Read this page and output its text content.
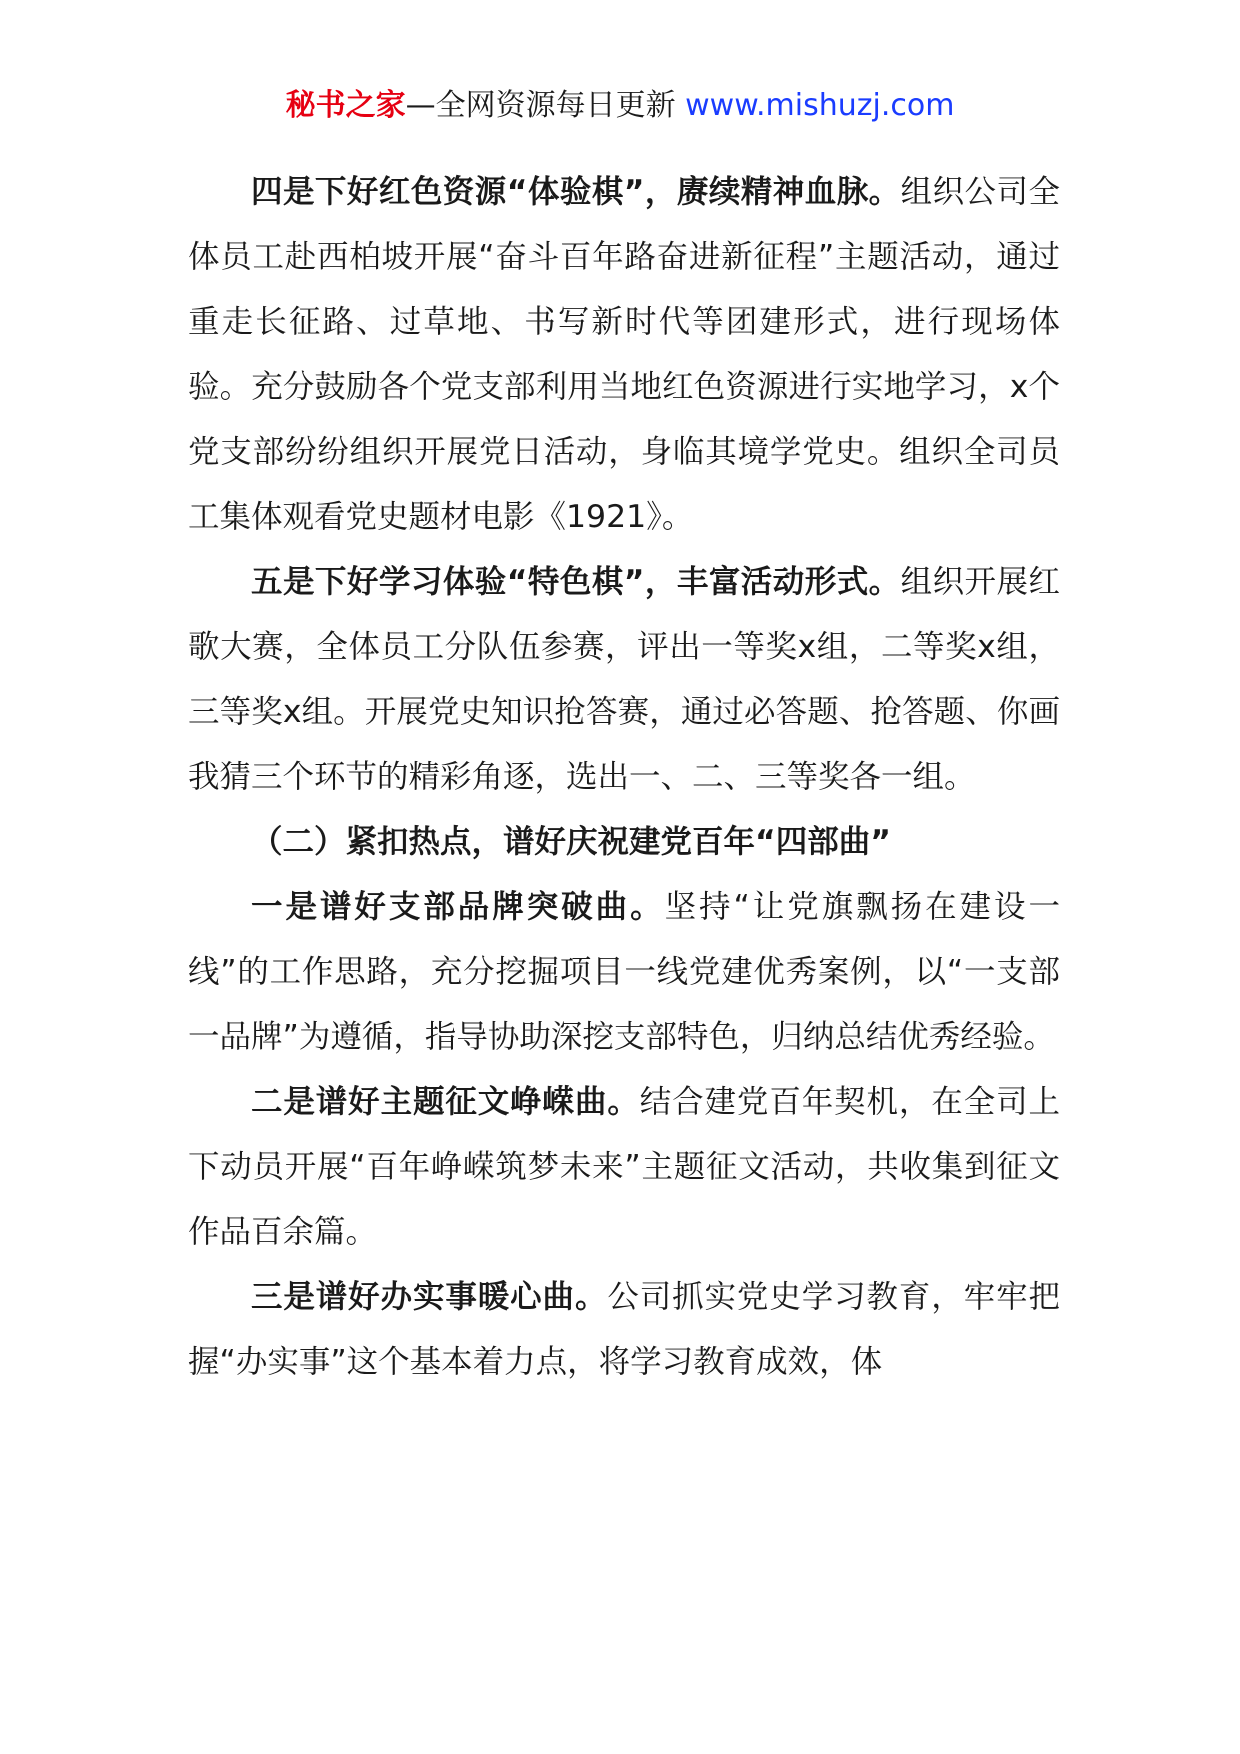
秘书之家—全网资源每日更新 www.mishuzj.com

四是下好红色资源“体验棋”，赓续精神血脉。组织公司全体员工赴西柏坡开展“奋斗百年路奋进新征程”主题活动，通过重走长征路、过草地、书写新时代等团建形式，进行现场体验。充分鼓励各个党支部利用当地红色资源进行实地学习，x个党支部纷纷组织开展党日活动，身临其境学党史。组织全司员工集体观看党史题材电影《1921》。

五是下好学习体验“特色棋”，丰富活动形式。组织开展红歌大赛，全体员工分队伍参赛，评出一等奖x组，二等奖x组，三等奖x组。开展党史知识抢答赛，通过必答题、抢答题、你画我猜三个环节的精彩角逐，选出一、二、三等奖各一组。

（二）紧扣热点，谱好庆祝建党百年“四部曲”

一是谱好支部品牌突破曲。坚持“让党旗飘扬在建设一线”的工作思路，充分挖掘项目一线党建优秀案例，以“一支部一品牌”为遵循，指导协助深挖支部特色，归纳总结优秀经验。

二是谱好主题征文峥嵘曲。结合建党百年契机，在全司上下动员开展“百年峥嵘筑梦未来”主题征文活动，共收集到征文作品百余篇。

三是谱好办实事暖心曲。公司抓实党史学习教育，牢牢把握“办实事”这个基本着力点，将学习教育成效，体
